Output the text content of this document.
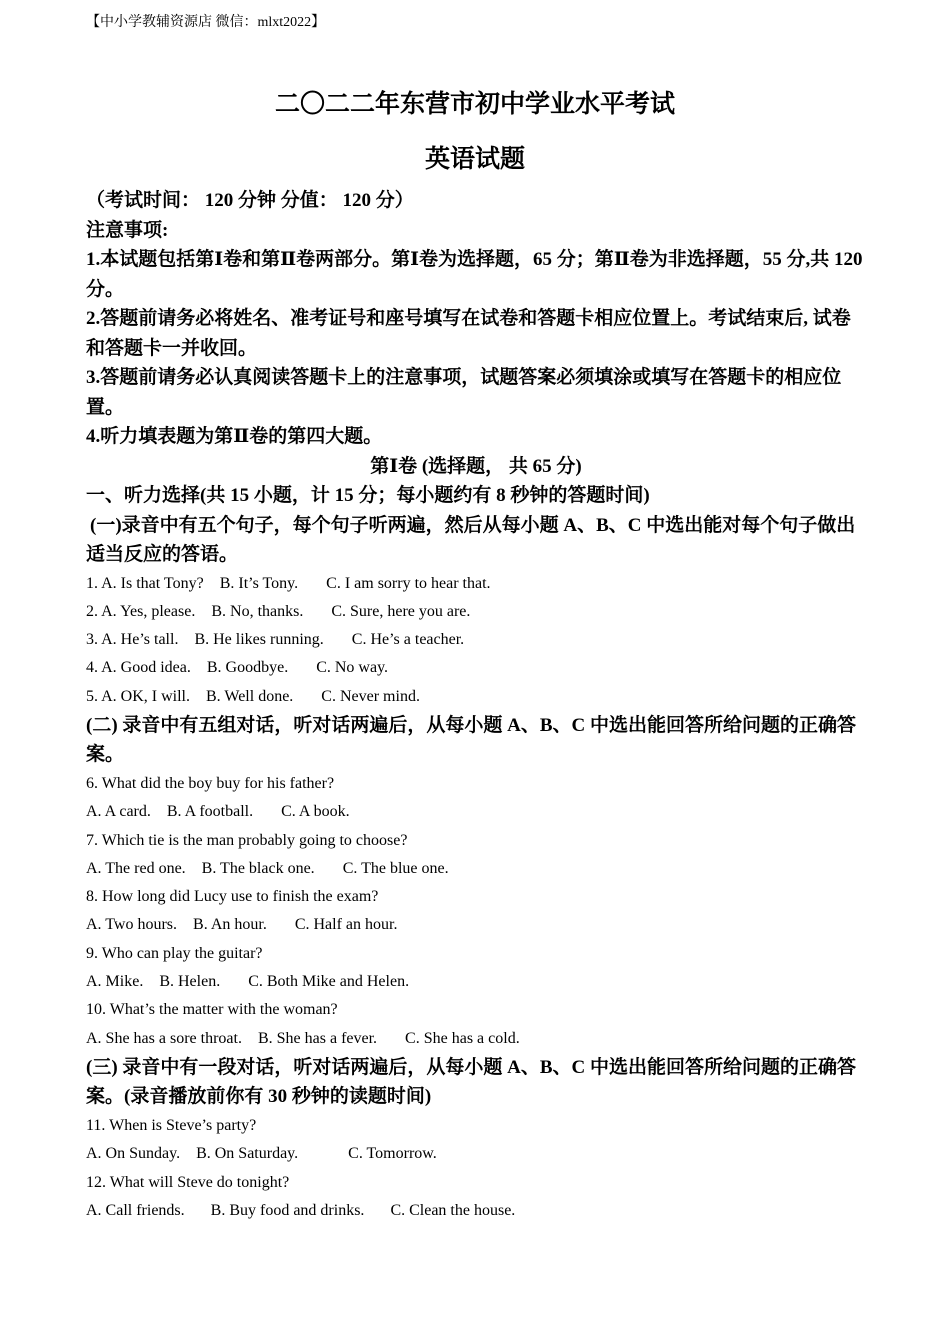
【中小学教辅资源店 微信：mlxt2022】
二〇二二年东营市初中学业水平考试
英语试题

（考试时间： 120 分钟 分值： 120 分）

注意事项:

1.本试题包括第Ⅰ卷和第Ⅱ卷两部分。第Ⅰ卷为选择题，65 分；第Ⅱ卷为非选择题，55 分,共 120 分。

2.答题前请务必将姓名、准考证号和座号填写在试卷和答题卡相应位置上。考试结束后, 试卷和答题卡一并收回。

3.答题前请务必认真阅读答题卡上的注意事项，试题答案必须填涂或填写在答题卡的相应位置。

4.听力填表题为第Ⅱ卷的第四大题。

第Ⅰ卷 (选择题， 共 65 分)

一、听力选择(共 15 小题，计 15 分；每小题约有 8 秒钟的答题时间)

(一)录音中有五个句子，每个句子听两遍，然后从每小题 A、B、C 中选出能对每个句子做出适当反应的答语。

1. A. Is that Tony? B. It’s Tony. C. I am sorry to hear that.

2. A. Yes, please. B. No, thanks. C. Sure, here you are.

3. A. He’s tall. B. He likes running. C. He’s a teacher.

4. A. Good idea. B. Goodbye. C. No way.

5. A. OK, I will. B. Well done. C. Never mind.

(二) 录音中有五组对话，听对话两遍后，从每小题 A、B、C 中选出能回答所给问题的正确答案。

6. What did the boy buy for his father?

A. A card. B. A football. C. A book.

7. Which tie is the man probably going to choose?

A. The red one. B. The black one. C. The blue one.

8. How long did Lucy use to finish the exam?

A. Two hours. B. An hour. C. Half an hour.

9. Who can play the guitar?

A. Mike. B. Helen. C. Both Mike and Helen.

10. What’s the matter with the woman?

A. She has a sore throat. B. She has a fever. C. She has a cold.

(三) 录音中有一段对话，听对话两遍后，从每小题 A、B、C 中选出能回答所给问题的正确答案。(录音播放前你有 30 秒钟的读题时间)

11. When is Steve’s party?

A. On Sunday. B. On Saturday.	C. Tomorrow.

12. What will Steve do tonight?

A. Call friends. B. Buy food and drinks. C. Clean the house.
